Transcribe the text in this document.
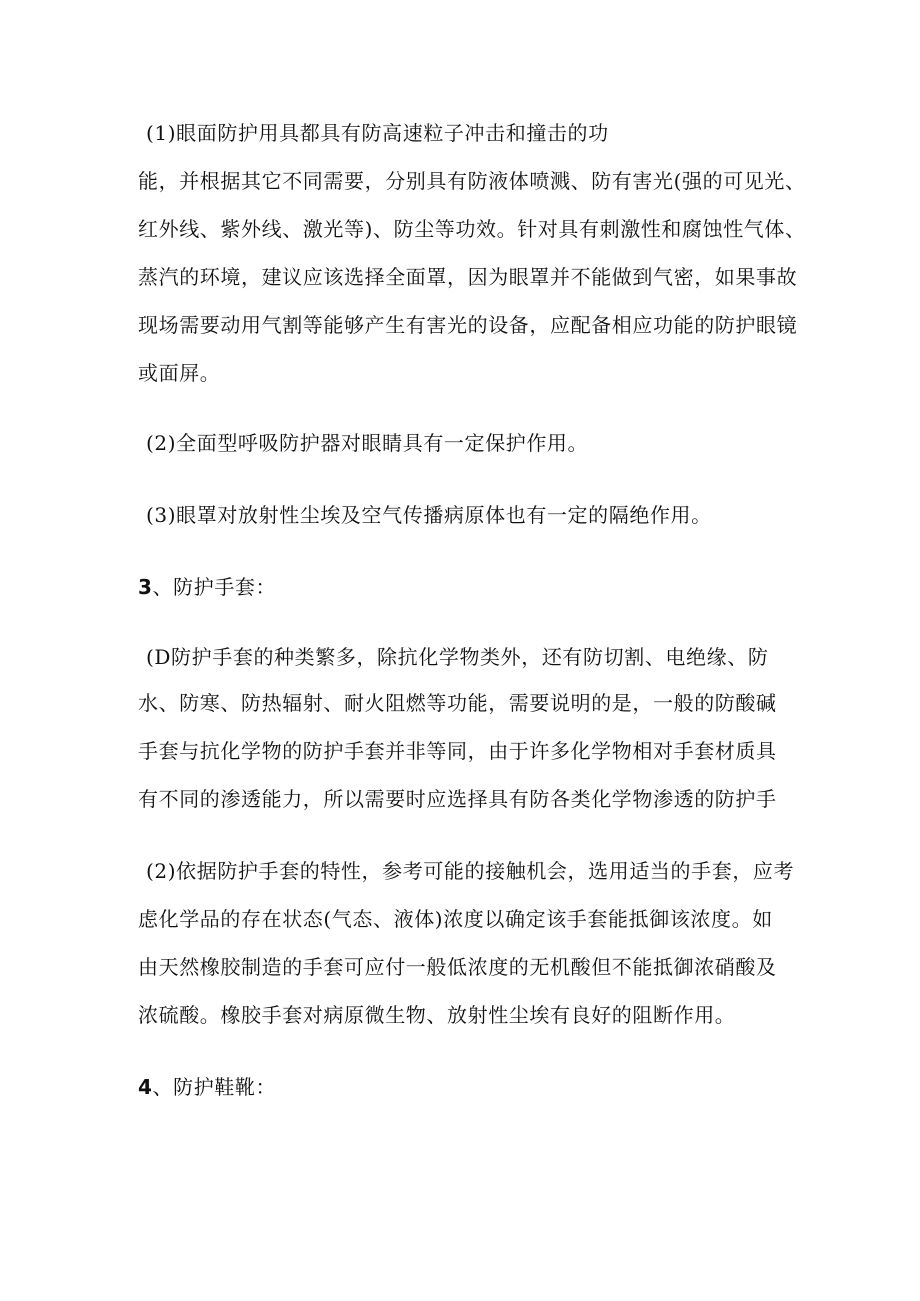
(1)眼面防护用具都具有防高速粒子冲击和撞击的功
能，并根据其它不同需要，分别具有防液体喷溅、防有害光(强的可见光、
红外线、紫外线、激光等)、防尘等功效。针对具有刺激性和腐蚀性气体、
蒸汽的环境，建议应该选择全面罩，因为眼罩并不能做到气密，如果事故
现场需要动用气割等能够产生有害光的设备，应配备相应功能的防护眼镜
或面屏。
(2)全面型呼吸防护器对眼睛具有一定保护作用。
(3)眼罩对放射性尘埃及空气传播病原体也有一定的隔绝作用。
3、防护手套：
(D防护手套的种类繁多，除抗化学物类外，还有防切割、电绝缘、防
水、防寒、防热辐射、耐火阻燃等功能，需要说明的是，一般的防酸碱
手套与抗化学物的防护手套并非等同，由于许多化学物相对手套材质具
有不同的渗透能力，所以需要时应选择具有防各类化学物渗透的防护手
(2)依据防护手套的特性，参考可能的接触机会，选用适当的手套，应考
虑化学品的存在状态(气态、液体)浓度以确定该手套能抵御该浓度。如
由天然橡胶制造的手套可应付一般低浓度的无机酸但不能抵御浓硝酸及
浓硫酸。橡胶手套对病原微生物、放射性尘埃有良好的阻断作用。
4、防护鞋靴：
